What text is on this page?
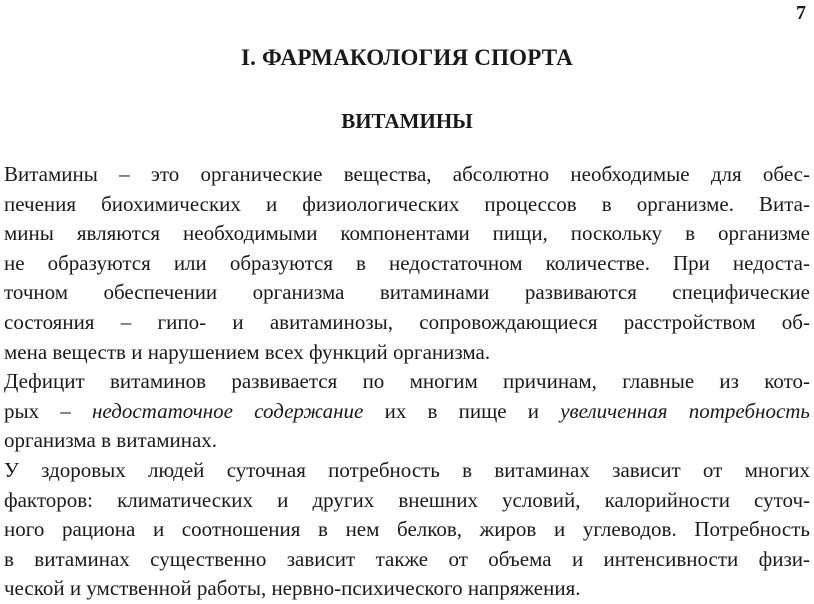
7
I. ФАРМАКОЛОГИЯ СПОРТА
ВИТАМИНЫ
Витамины – это органические вещества, абсолютно необходимые для обес-
печения биохимических и физиологических процессов в организме. Вита-
мины являются необходимыми компонентами пищи, поскольку в организме
не образуются или образуются в недостаточном количестве. При недоста-
точном обеспечении организма витаминами развиваются специфические
состояния – гипо- и авитаминозы, сопровождающиеся расстройством об-
мена веществ и нарушением всех функций организма.
Дефицит витаминов развивается по многим причинам, главные из кото-
рых – недостаточное содержание их в пище и увеличенная потребность
организма в витаминах.
У здоровых людей суточная потребность в витаминах зависит от многих
факторов: климатических и других внешних условий, калорийности суточ-
ного рациона и соотношения в нем белков, жиров и углеводов. Потребность
в витаминах существенно зависит также от объема и интенсивности физи-
ческой и умственной работы, нервно-психического напряжения.
